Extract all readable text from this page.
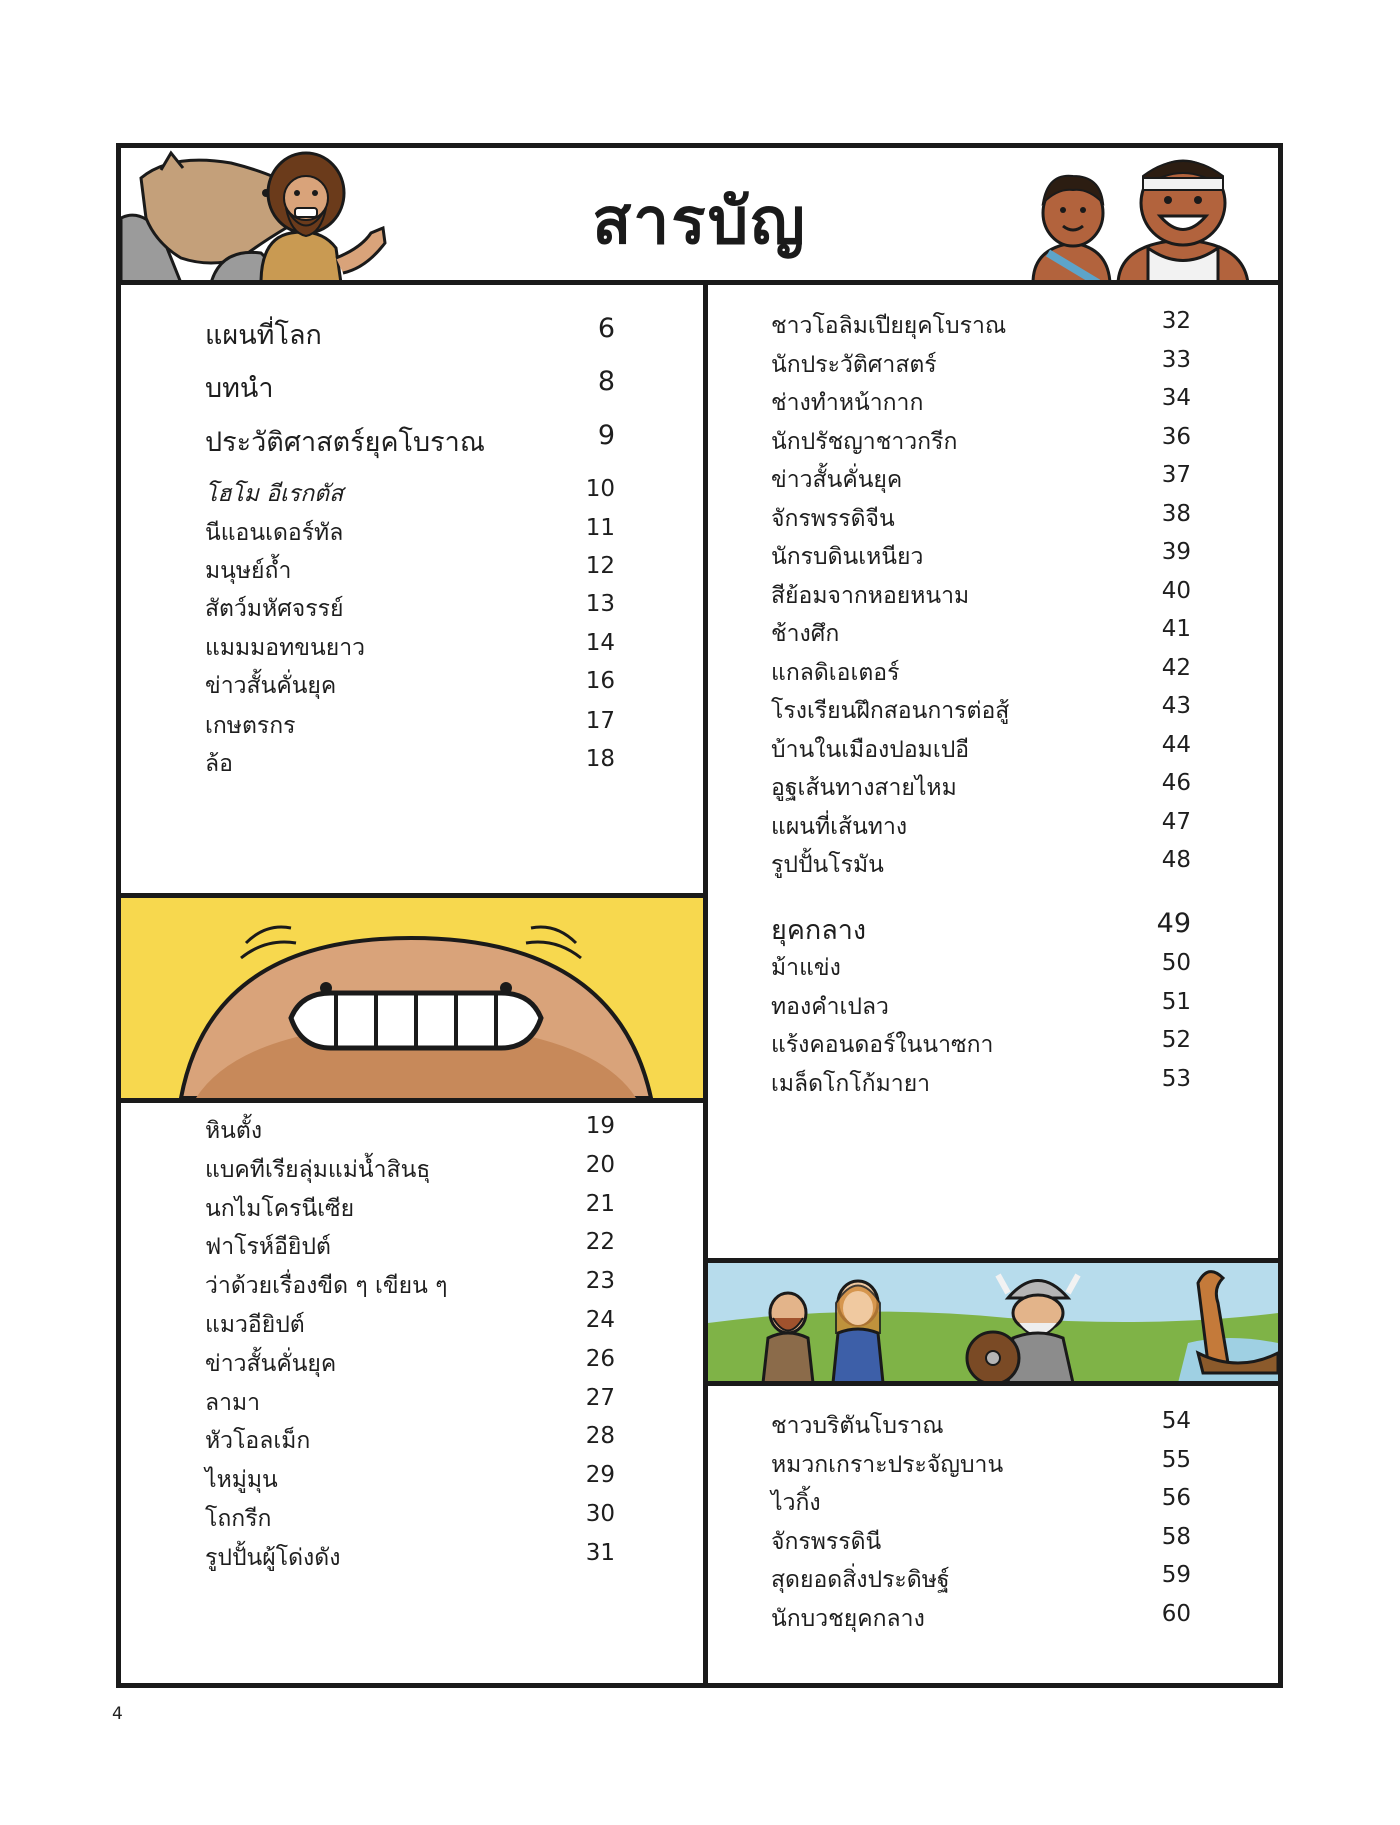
สารบัญ
แผนที่โลก	6
บทนำ	8
ประวัติศาสตร์ยุคโบราณ	9
โฮโม อีเรกตัส	10
นีแอนเดอร์ทัล	11
มนุษย์ถ้ำ	12
สัตว์มหัศจรรย์	13
แมมมอทขนยาว	14
ข่าวสั้นคั่นยุค	16
เกษตรกร	17
ล้อ	18
หินตั้ง	19
แบคทีเรียลุ่มแม่น้ำสินธุ	20
นกไมโครนีเซีย	21
ฟาโรห์อียิปต์	22
ว่าด้วยเรื่องขีด ๆ เขียน ๆ	23
แมวอียิปต์	24
ข่าวสั้นคั่นยุค	26
ลามา	27
หัวโอลเม็ก	28
ไหมู่มุน	29
โถกรีก	30
รูปปั้นผู้โด่งดัง	31
ชาวโอลิมเปียยุคโบราณ	32
นักประวัติศาสตร์	33
ช่างทำหน้ากาก	34
นักปรัชญาชาวกรีก	36
ข่าวสั้นคั่นยุค	37
จักรพรรดิจีน	38
นักรบดินเหนียว	39
สีย้อมจากหอยหนาม	40
ช้างศึก	41
แกลดิเอเตอร์	42
โรงเรียนฝึกสอนการต่อสู้	43
บ้านในเมืองปอมเปอี	44
อูฐเส้นทางสายไหม	46
แผนที่เส้นทาง	47
รูปปั้นโรมัน	48
ยุคกลาง	49
ม้าแข่ง	50
ทองคำเปลว	51
แร้งคอนดอร์ในนาซกา	52
เมล็ดโกโก้มายา	53
ชาวบริตันโบราณ	54
หมวกเกราะประจัญบาน	55
ไวกิ้ง	56
จักรพรรดินี	58
สุดยอดสิ่งประดิษฐ์	59
นักบวชยุคกลาง	60
4
